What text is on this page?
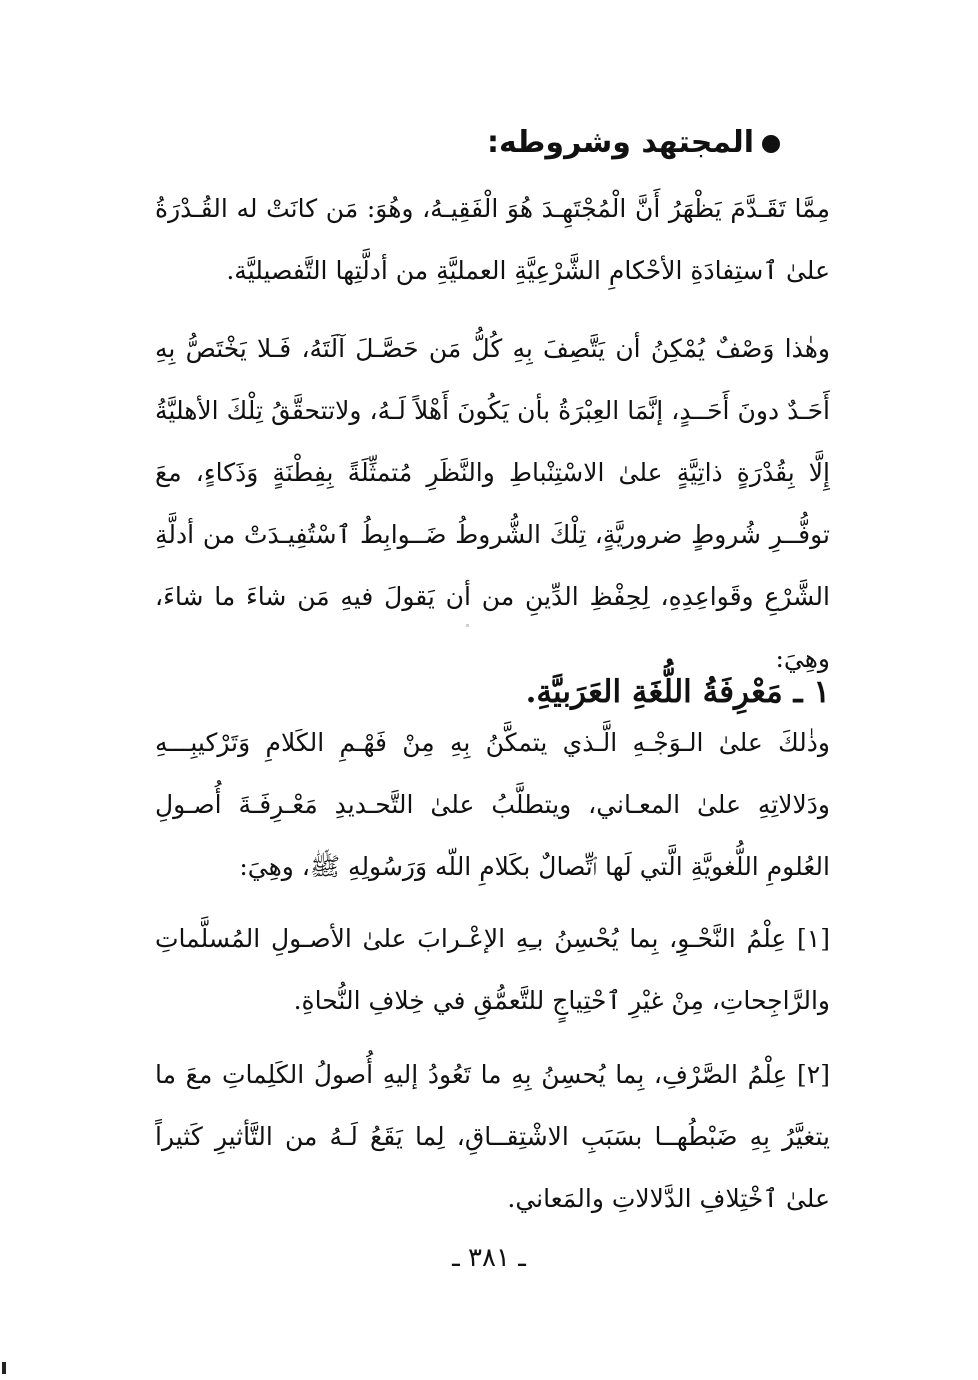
المجتهد وشروطه:
مِمَّا تَقَـدَّمَ يَظْهَرُ أَنَّ الْمُجْتَهِـدَ هُوَ الْفَقِيـهُ، وهُوَ: مَن كانَتْ له القُـدْرَةُ علىٰ ٱستِفادَةِ الأحْكامِ الشَّرْعِيَّةِ العمليَّةِ من أدلَّتِها التَّفصيليَّة.
وهٰذا وَصْفٌ يُمْكِنُ أن يَتَّصِفَ بِهِ كُلُّ مَن حَصَّـلَ آلَتَهُ، فَـلا يَخْتَصُّ بِهِ أَحَـدٌ دونَ أَحَــدٍ، إنَّمَا العِبْرَةُ بأن يَكُونَ أَهْلاً لَـهُ، ولاتتحقَّقُ تِلْكَ الأهليَّةُ إِلَّا بِقُدْرَةٍ ذاتِيَّةٍ علىٰ الاسْتِنْباطِ والنَّظَرِ مُتمثِّلَةً بِفِطْنَةٍ وَذَكاءٍ، معَ توفُّــرِ شُروطٍ ضروريَّةٍ، تِلْكَ الشُّروطُ ضَــوابِطُ ٱسْتُفِيـدَتْ من أدلَّةِ الشَّرْعِ وقَواعِدِهِ، لِحِفْظِ الدِّينِ من أن يَقولَ فيهِ مَن شاءَ ما شاءَ، وهِيَ:
١ ـ مَعْرِفَةُ اللُّغَةِ العَرَبيَّةِ.
وذٰلكَ علىٰ الـوَجْـهِ الَّـذي يتمكَّنُ بِهِ مِنْ فَهْـمِ الكَلامِ وَتَرْكيبِـــهِ ودَلالاتِهِ علىٰ المعـاني، ويتطلَّبُ علىٰ التَّحـديدِ مَعْـرِفَـةَ أُصـولِ العُلومِ اللُّغويَّةِ الَّتي لَها ٱتِّصالٌ بكَلامِ اللّه وَرَسُولِهِ ﷺ، وهِيَ:
[١] عِلْمُ النَّحْـوِ، بِما يُحْسِنُ بـِهِ الإعْـرابَ علىٰ الأصـولِ المُسلَّماتِ والرَّاجِحاتِ، مِنْ غيْرِ ٱحْتِياجٍ للتَّعمُّقِ في خِلافِ النُّحاةِ.
[٢] عِلْمُ الصَّرْفِ، بِما يُحسِنُ بِهِ ما تَعُودُ إليهِ أُصولُ الكَلِماتِ معَ ما يتغيَّرُ بِهِ ضَبْطُهــا بسَبَبِ الاشْتِقــاقِ، لِما يَقَعُ لَـهُ من التَّأثيرِ كَثيراً علىٰ ٱخْتِلافِ الدَّلالاتِ والمَعاني.
ـ ٣٨١ ـ
